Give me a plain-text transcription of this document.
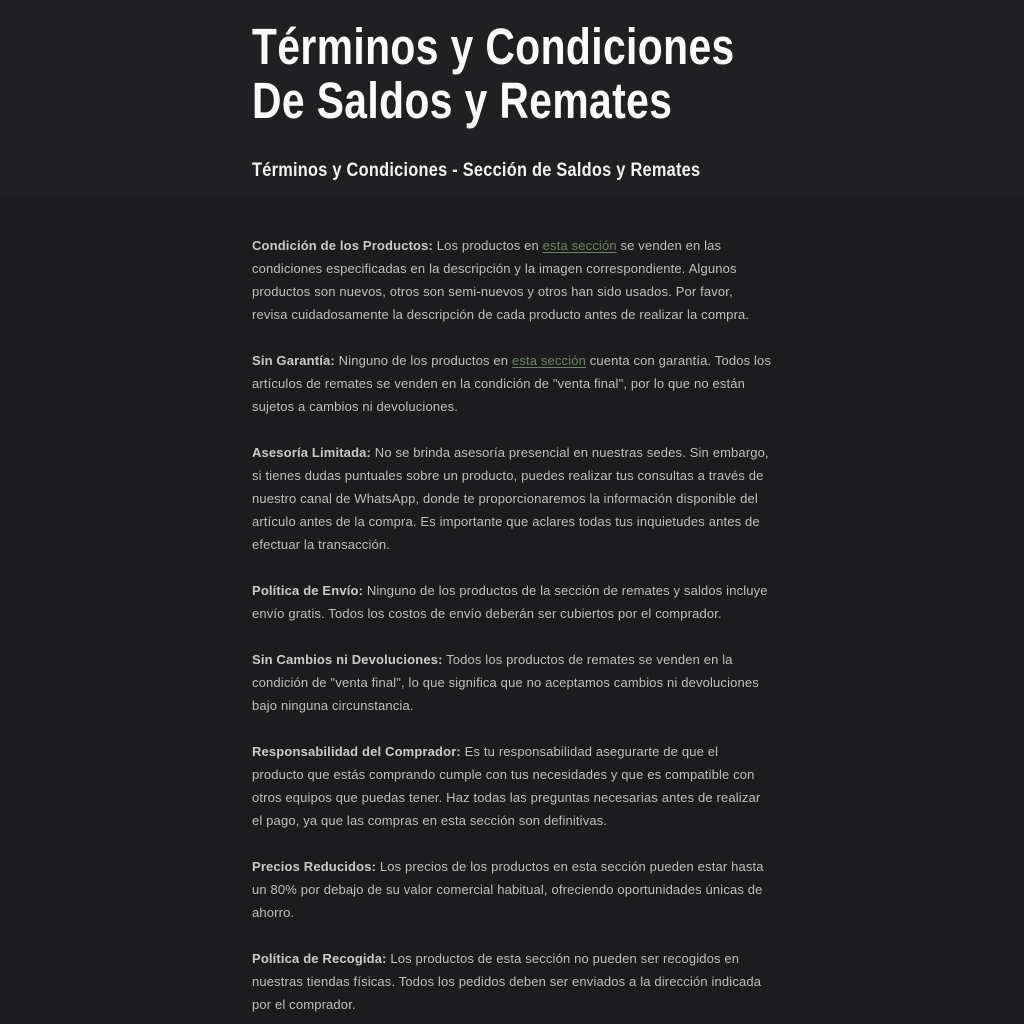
Términos y Condiciones
De Saldos y Remates
Términos y Condiciones - Sección de Saldos y Remates

Condición de los Productos: Los productos en esta sección se venden en las condiciones especificadas en la descripción y la imagen correspondiente. Algunos productos son nuevos, otros son semi-nuevos y otros han sido usados. Por favor, revisa cuidadosamente la descripción de cada producto antes de realizar la compra.

Sin Garantía: Ninguno de los productos en esta sección cuenta con garantía. Todos los artículos de remates se venden en la condición de "venta final", por lo que no están sujetos a cambios ni devoluciones.

Asesoría Limitada: No se brinda asesoría presencial en nuestras sedes. Sin embargo, si tienes dudas puntuales sobre un producto, puedes realizar tus consultas a través de nuestro canal de WhatsApp, donde te proporcionaremos la información disponible del artículo antes de la compra. Es importante que aclares todas tus inquietudes antes de efectuar la transacción.

Política de Envío: Ninguno de los productos de la sección de remates y saldos incluye envío gratis. Todos los costos de envío deberán ser cubiertos por el comprador.

Sin Cambios ni Devoluciones: Todos los productos de remates se venden en la condición de "venta final", lo que significa que no aceptamos cambios ni devoluciones bajo ninguna circunstancia.

Responsabilidad del Comprador: Es tu responsabilidad asegurarte de que el producto que estás comprando cumple con tus necesidades y que es compatible con otros equipos que puedas tener. Haz todas las preguntas necesarias antes de realizar el pago, ya que las compras en esta sección son definitivas.

Precios Reducidos: Los precios de los productos en esta sección pueden estar hasta un 80% por debajo de su valor comercial habitual, ofreciendo oportunidades únicas de ahorro.

Política de Recogida: Los productos de esta sección no pueden ser recogidos en nuestras tiendas físicas. Todos los pedidos deben ser enviados a la dirección indicada por el comprador.
